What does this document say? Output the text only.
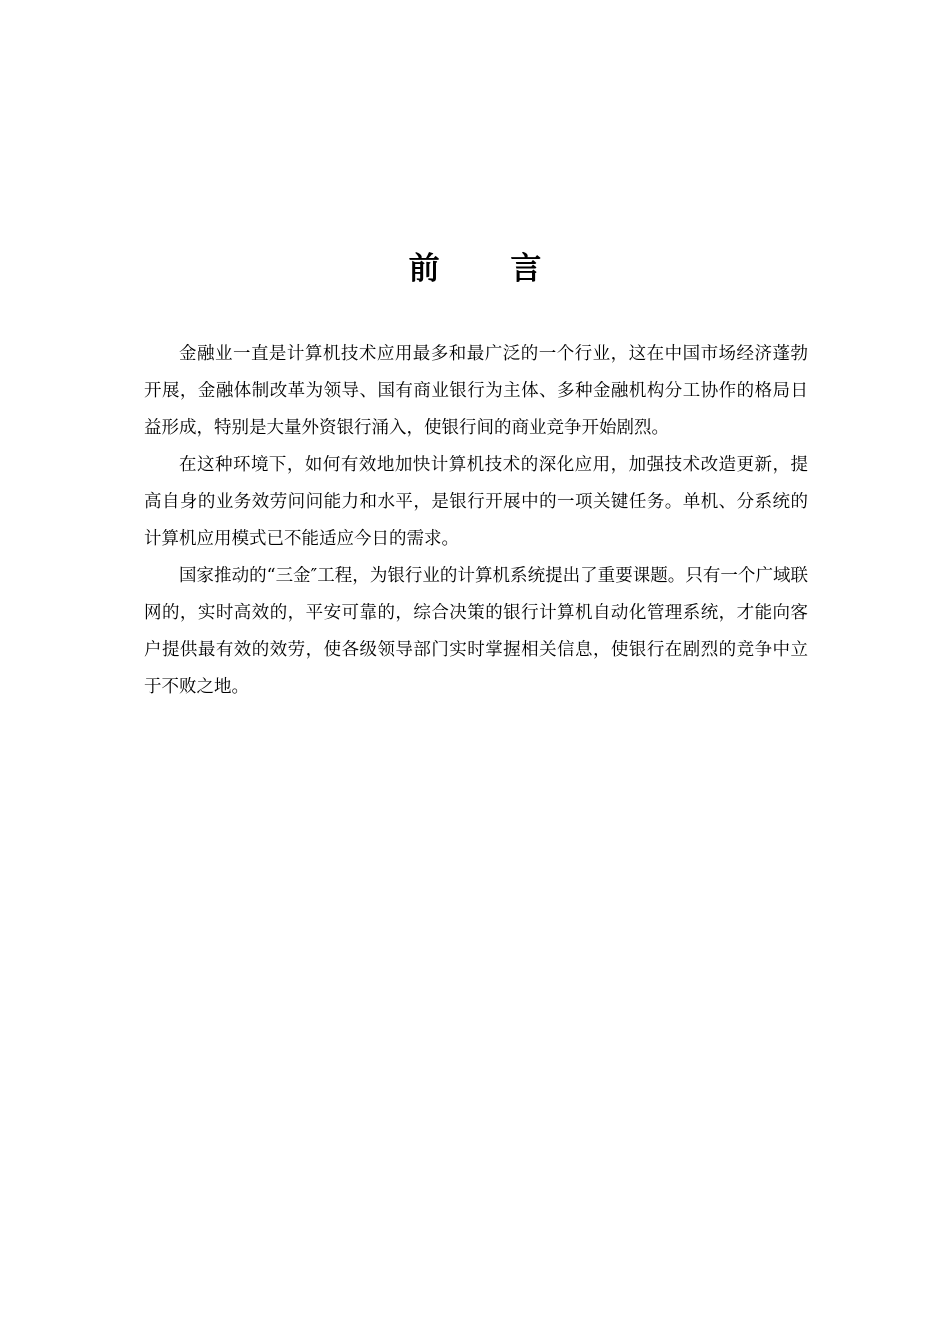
前 言

金融业一直是计算机技术应用最多和最广泛的一个行业，这在中国市场经济蓬勃开展，金融体制改革为领导、国有商业银行为主体、多种金融机构分工协作的格局日益形成，特别是大量外资银行涌入，使银行间的商业竞争开始剧烈。

在这种环境下，如何有效地加快计算机技术的深化应用，加强技术改造更新，提高自身的业务效劳问问能力和水平，是银行开展中的一项关键任务。单机、分系统的计算机应用模式已不能适应今日的需求。

国家推动的“三金″工程，为银行业的计算机系统提出了重要课题。只有一个广域联网的，实时高效的，平安可靠的，综合决策的银行计算机自动化管理系统，才能向客户提供最有效的效劳，使各级领导部门实时掌握相关信息，使银行在剧烈的竞争中立于不败之地。
